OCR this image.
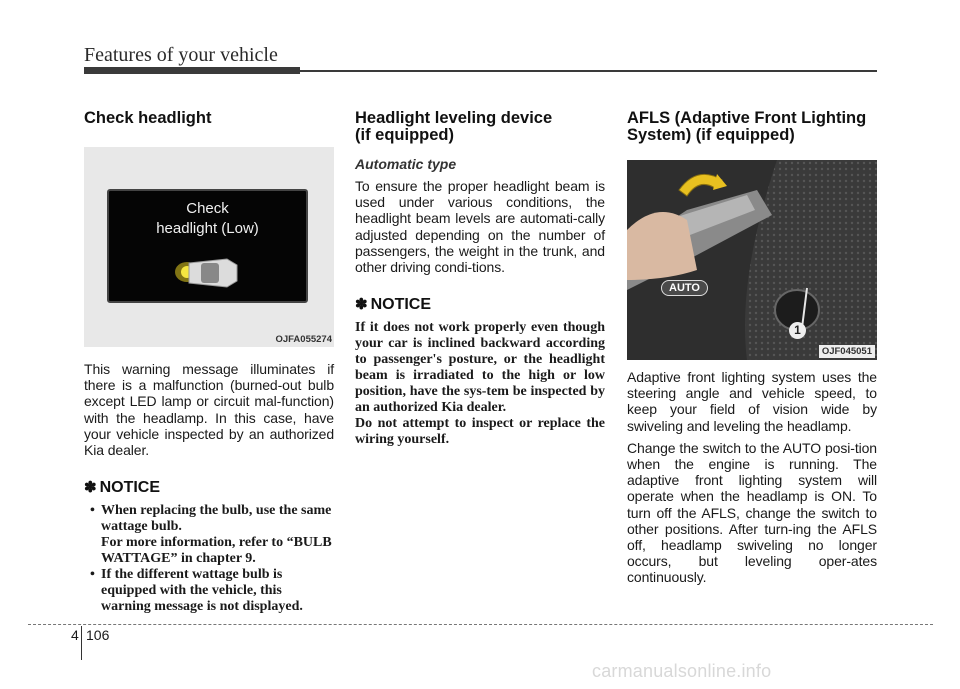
Features of your vehicle
Check headlight
Check
headlight (Low)
OJFA055274

This warning message illuminates if there is a malfunction (burned-out bulb except LED lamp or circuit mal-function) with the headlamp. In this case, have your vehicle inspected by an authorized Kia dealer.

✽ NOTICE
• When replacing the bulb, use the same wattage bulb.
For more information, refer to “BULB WATTAGE” in chapter 9.
• If the different wattage bulb is equipped with the vehicle, this warning message is not displayed.
Headlight leveling device
(if equipped)
Automatic type

To ensure the proper headlight beam is used under various conditions, the headlight beam levels are automati-cally adjusted depending on the number of passengers, the weight in the trunk, and other driving condi-tions.

✽ NOTICE

If it does not work properly even though your car is inclined backward according to passenger's posture, or the headlight beam is irradiated to the high or low position, have the sys-tem be inspected by an authorized Kia dealer.

Do not attempt to inspect or replace the wiring yourself.

AFLS (Adaptive Front Lighting
System) (if equipped)
AUTO
1
OJF045051

Adaptive front lighting system uses the steering angle and vehicle speed, to keep your field of vision wide by swiveling and leveling the headlamp.

Change the switch to the AUTO posi-tion when the engine is running. The adaptive front lighting system will operate when the headlamp is ON. To turn off the AFLS, change the switch to other positions. After turn-ing the AFLS off, headlamp swiveling no longer occurs, but leveling oper-ates continuously.

4 106
carmanualsonline.info
